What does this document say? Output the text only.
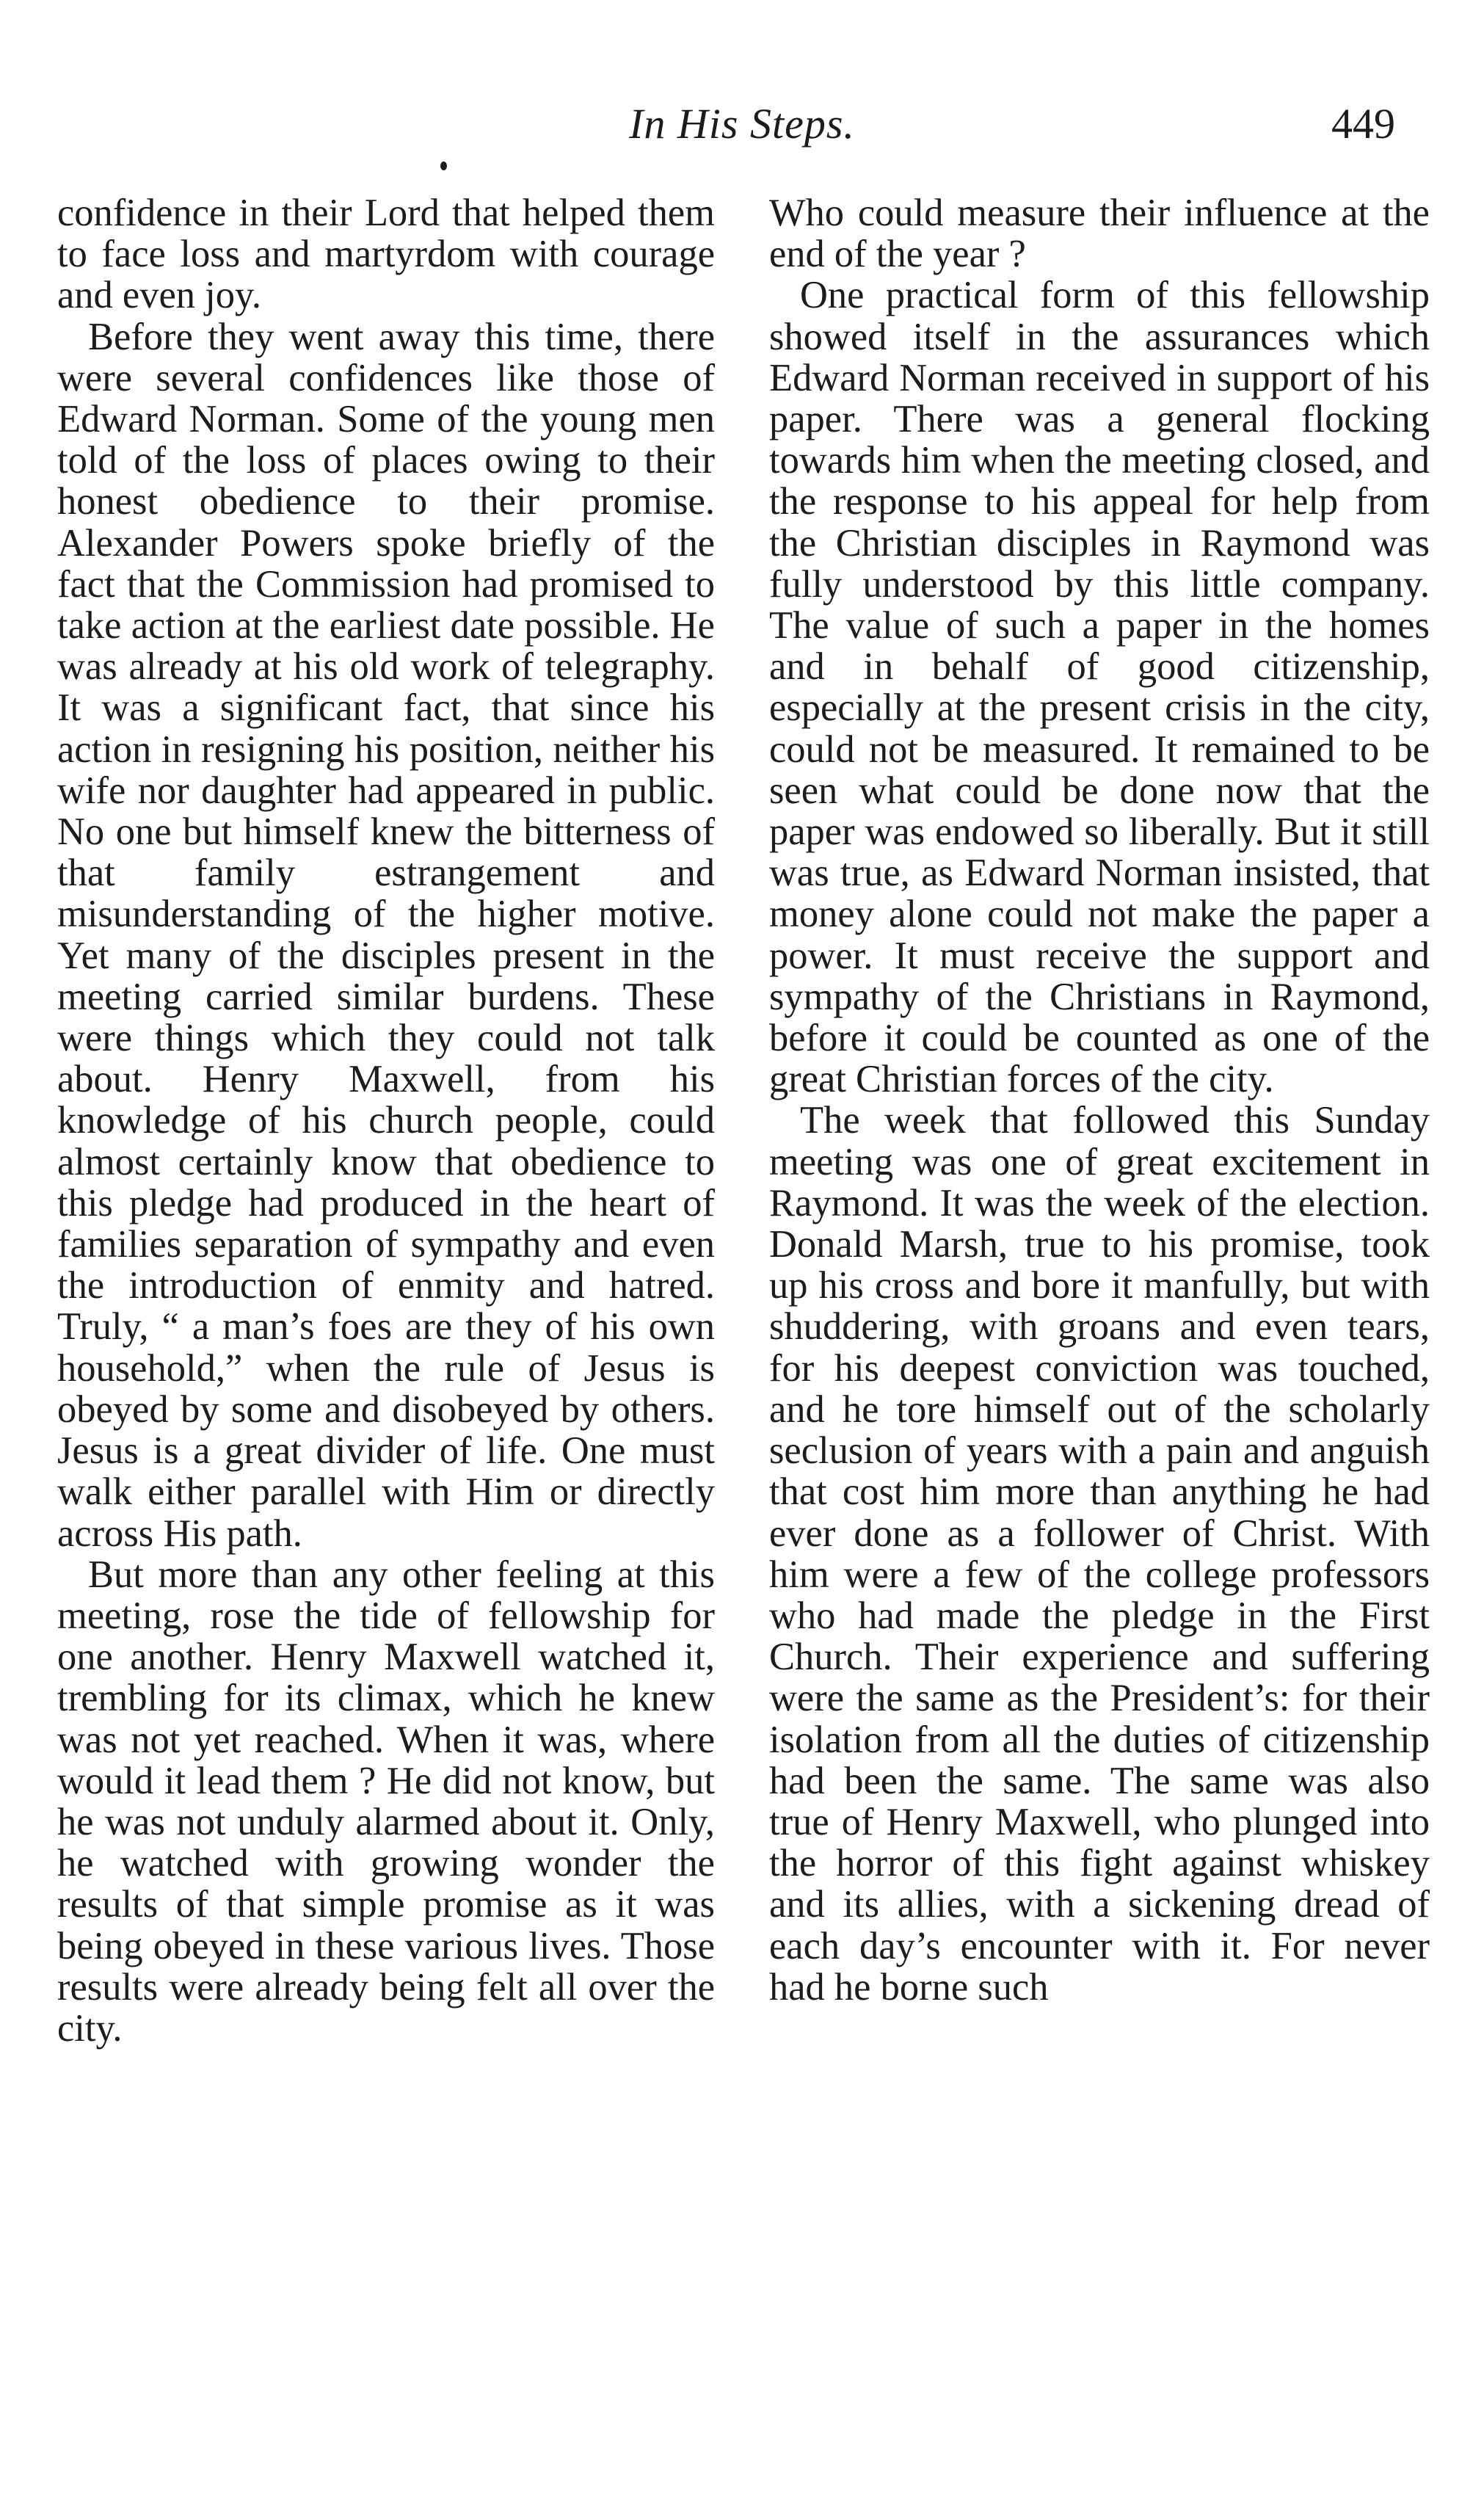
In His Steps.	449

confidence in their Lord that helped them to face loss and martyrdom with courage and even joy.

Before they went away this time, there were several confidences like those of Edward Norman. Some of the young men told of the loss of places owing to their honest obedience to their promise. Alexander Powers spoke briefly of the fact that the Commission had promised to take action at the earliest date possible. He was already at his old work of telegraphy. It was a significant fact, that since his action in resigning his position, neither his wife nor daughter had appeared in public. No one but himself knew the bitterness of that family estrangement and misunderstanding of the higher motive. Yet many of the disciples present in the meeting carried similar burdens. These were things which they could not talk about. Henry Maxwell, from his knowledge of his church people, could almost certainly know that obedience to this pledge had produced in the heart of families separation of sympathy and even the introduction of enmity and hatred. Truly, “ a man’s foes are they of his own household,” when the rule of Jesus is obeyed by some and disobeyed by others. Jesus is a great divider of life. One must walk either parallel with Him or directly across His path.

But more than any other feeling at this meeting, rose the tide of fellowship for one another. Henry Maxwell watched it, trembling for its climax, which he knew was not yet reached. When it was, where would it lead them ? He did not know, but he was not unduly alarmed about it. Only, he watched with growing wonder the results of that simple promise as it was being obeyed in these various lives. Those results were already being felt all over the city.

Who could measure their influence at the end of the year ?

One practical form of this fellowship showed itself in the assurances which Edward Norman received in support of his paper. There was a general flocking towards him when the meeting closed, and the response to his appeal for help from the Christian disciples in Raymond was fully understood by this little company. The value of such a paper in the homes and in behalf of good citizenship, especially at the present crisis in the city, could not be measured. It remained to be seen what could be done now that the paper was endowed so liberally. But it still was true, as Edward Norman insisted, that money alone could not make the paper a power. It must receive the support and sympathy of the Christians in Raymond, before it could be counted as one of the great Christian forces of the city.

The week that followed this Sunday meeting was one of great excitement in Raymond. It was the week of the election. Donald Marsh, true to his promise, took up his cross and bore it manfully, but with shuddering, with groans and even tears, for his deepest conviction was touched, and he tore himself out of the scholarly seclusion of years with a pain and anguish that cost him more than anything he had ever done as a follower of Christ. With him were a few of the college professors who had made the pledge in the First Church. Their experience and suffering were the same as the President’s: for their isolation from all the duties of citizenship had been the same. The same was also true of Henry Maxwell, who plunged into the horror of this fight against whiskey and its allies, with a sickening dread of each day’s encounter with it. For never had he borne such
